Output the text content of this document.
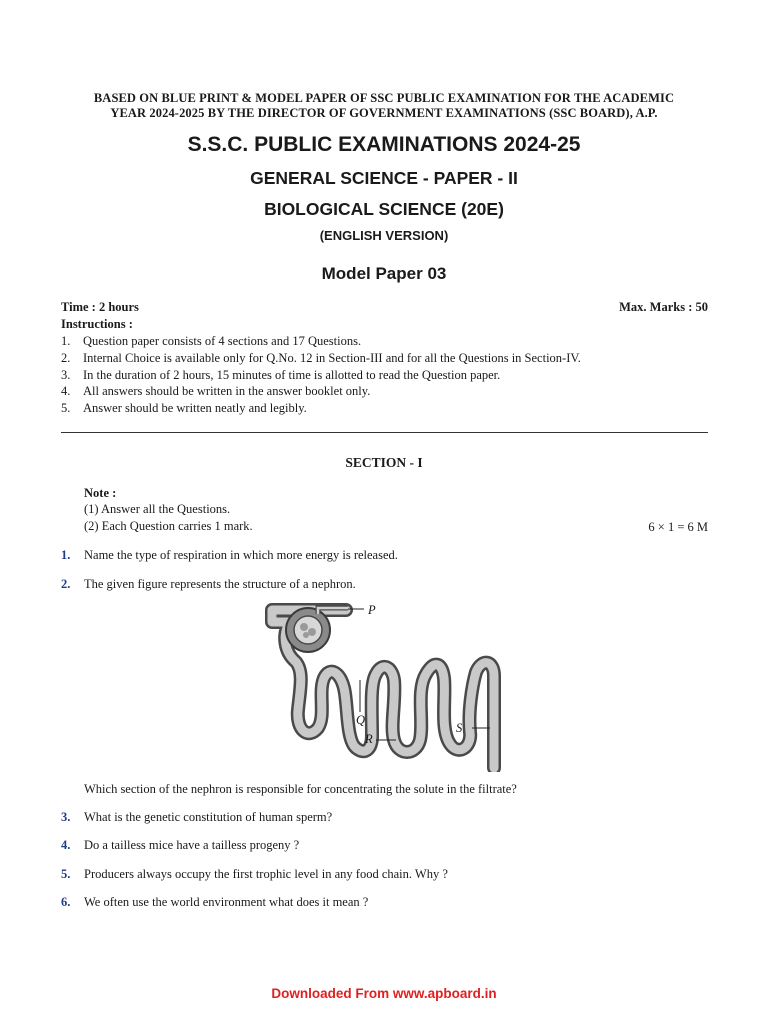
BASED ON BLUE PRINT & MODEL PAPER OF SSC PUBLIC EXAMINATION FOR THE ACADEMIC
YEAR 2024-2025 BY THE DIRECTOR OF GOVERNMENT EXAMINATIONS (SSC BOARD), A.P.
S.S.C. PUBLIC EXAMINATIONS 2024-25
GENERAL SCIENCE - PAPER - II
BIOLOGICAL SCIENCE (20E)
(ENGLISH VERSION)
Model Paper 03
Time : 2 hours	Max. Marks : 50
Instructions :
1. Question paper consists of 4 sections and 17 Questions.
2. Internal Choice is available only for Q.No. 12 in Section-III and for all the Questions in Section-IV.
3. In the duration of 2 hours, 15 minutes of time is allotted to read the Question paper.
4. All answers should be written in the answer booklet only.
5. Answer should be written neatly and legibly.
SECTION - I
Note :
(1) Answer all the Questions.
(2) Each Question carries 1 mark.	6 × 1 = 6 M
1.	Name the type of respiration in which more energy is released.
2.	The given figure represents the structure of a nephron.
P
Q
R
S
Which section of the nephron is responsible for concentrating the solute in the filtrate?
3.	What is the genetic constitution of human sperm?
4.	Do a tailless mice have a tailless progeny ?
5.	Producers always occupy the first trophic level in any food chain. Why ?
6.	We often use the world environment what does it mean ?
Downloaded From www.apboard.in
